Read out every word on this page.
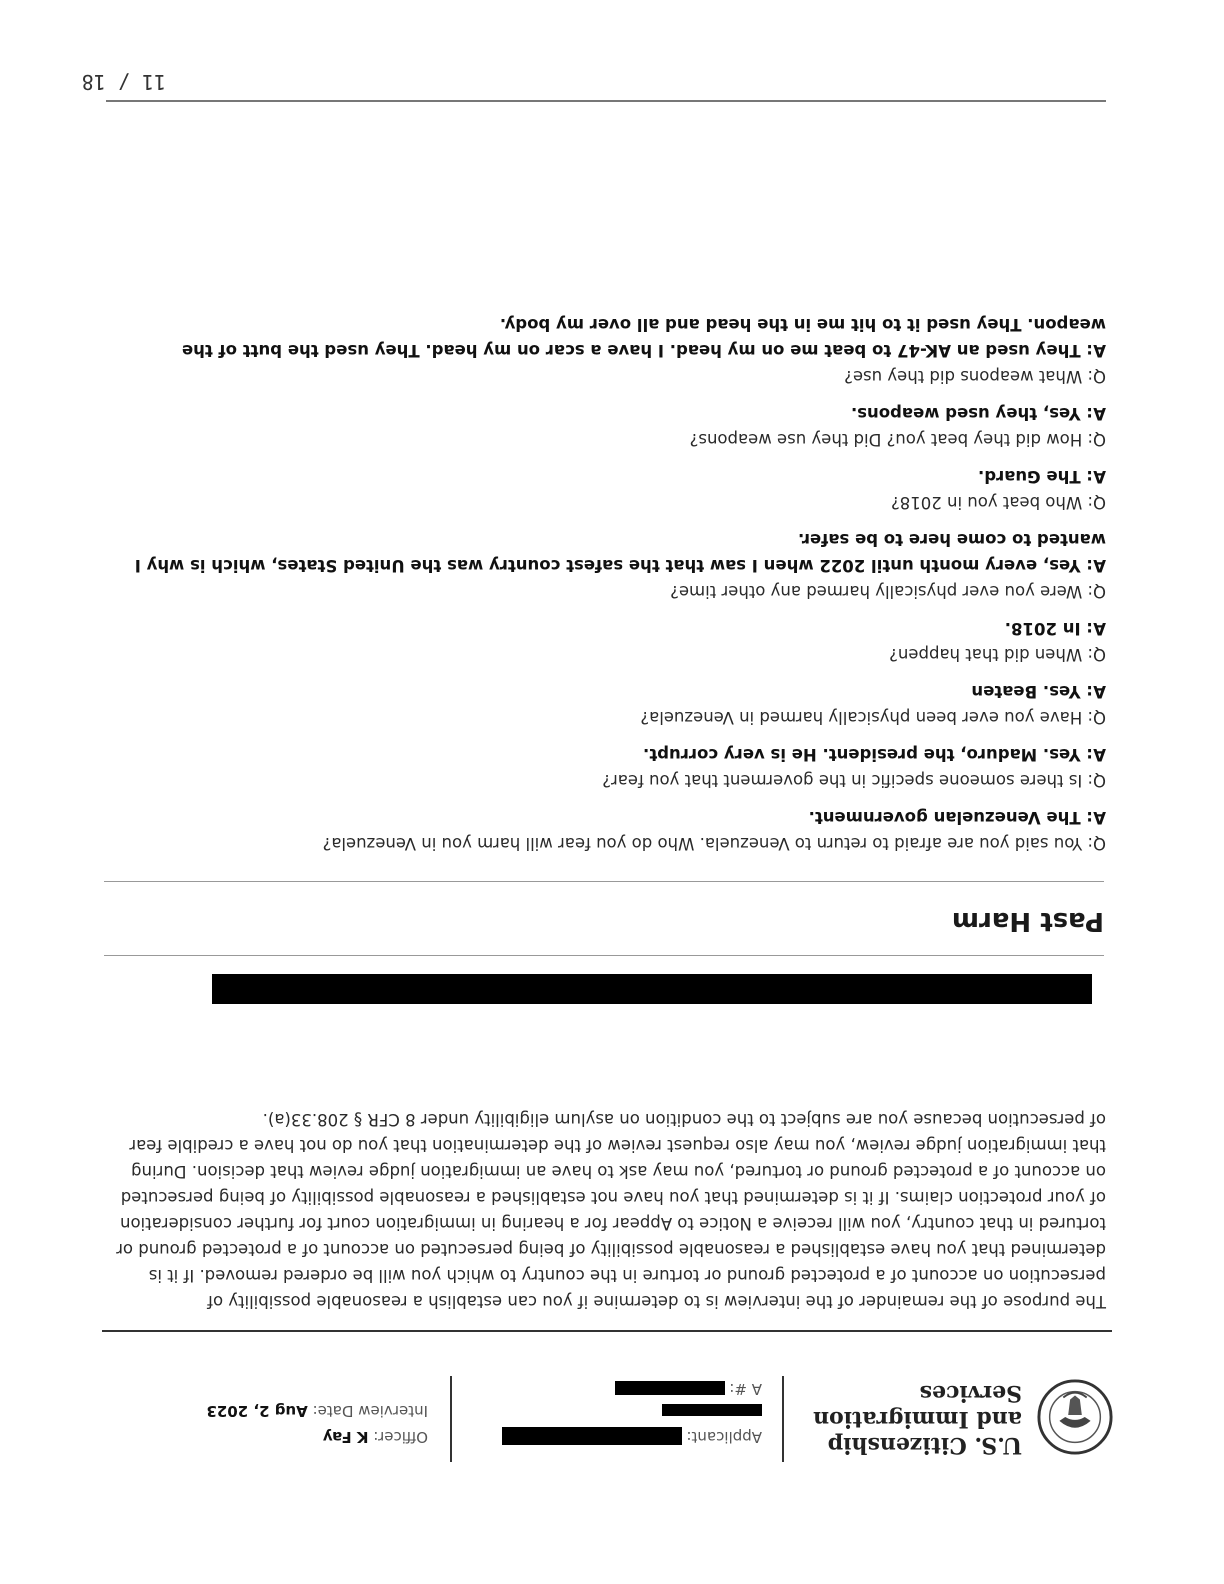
U.S. Citizenship and Immigration Services
Applicant:
A #:
Officer: K Fay
Interview Date: Aug 2, 2023

The purpose of the remainder of the interview is to determine if you can establish a reasonable possibility of persecution on account of a protected ground or torture in the country to which you will be ordered removed. If it is determined that you have established a reasonable possibility of being persecuted on account of a protected ground or tortured in that country, you will receive a Notice to Appear for a hearing in immigration court for further consideration of your protection claims. If it is determined that you have not established a reasonable possibility of being persecuted on account of a protected ground or tortured, you may ask to have an immigration judge review that decision. During that immigration judge review, you may also request review of the determination that you do not have a credible fear of persecution because you are subject to the condition on asylum eligibility under 8 CFR § 208.33(a).

Past Harm
Q: You said you are afraid to return to Venezuela. Who do you fear will harm you in Venezuela?
A: The Venezuelan government.
Q: Is there someone specific in the goverment that you fear?
A: Yes. Maduro, the president. He is very corrupt.
Q: Have you ever been physically harmed in Venezuela?
A: Yes. Beaten
Q: When did that happen?
A: In 2018.
Q: Were you ever physically harmed any other time?
A: Yes, every month until 2022 when I saw that the safest country was the United States, which is why I wanted to come here to be safer.
Q: Who beat you in 2018?
A: The Guard.
Q: How did they beat you? Did they use weapons?
A: Yes, they used weapons.
Q: What weapons did they use?
A: They used an AK-47 to beat me on my head. I have a scar on my head. They used the butt of the weapon. They used it to hit me in the head and all over my body.
11 / 18
